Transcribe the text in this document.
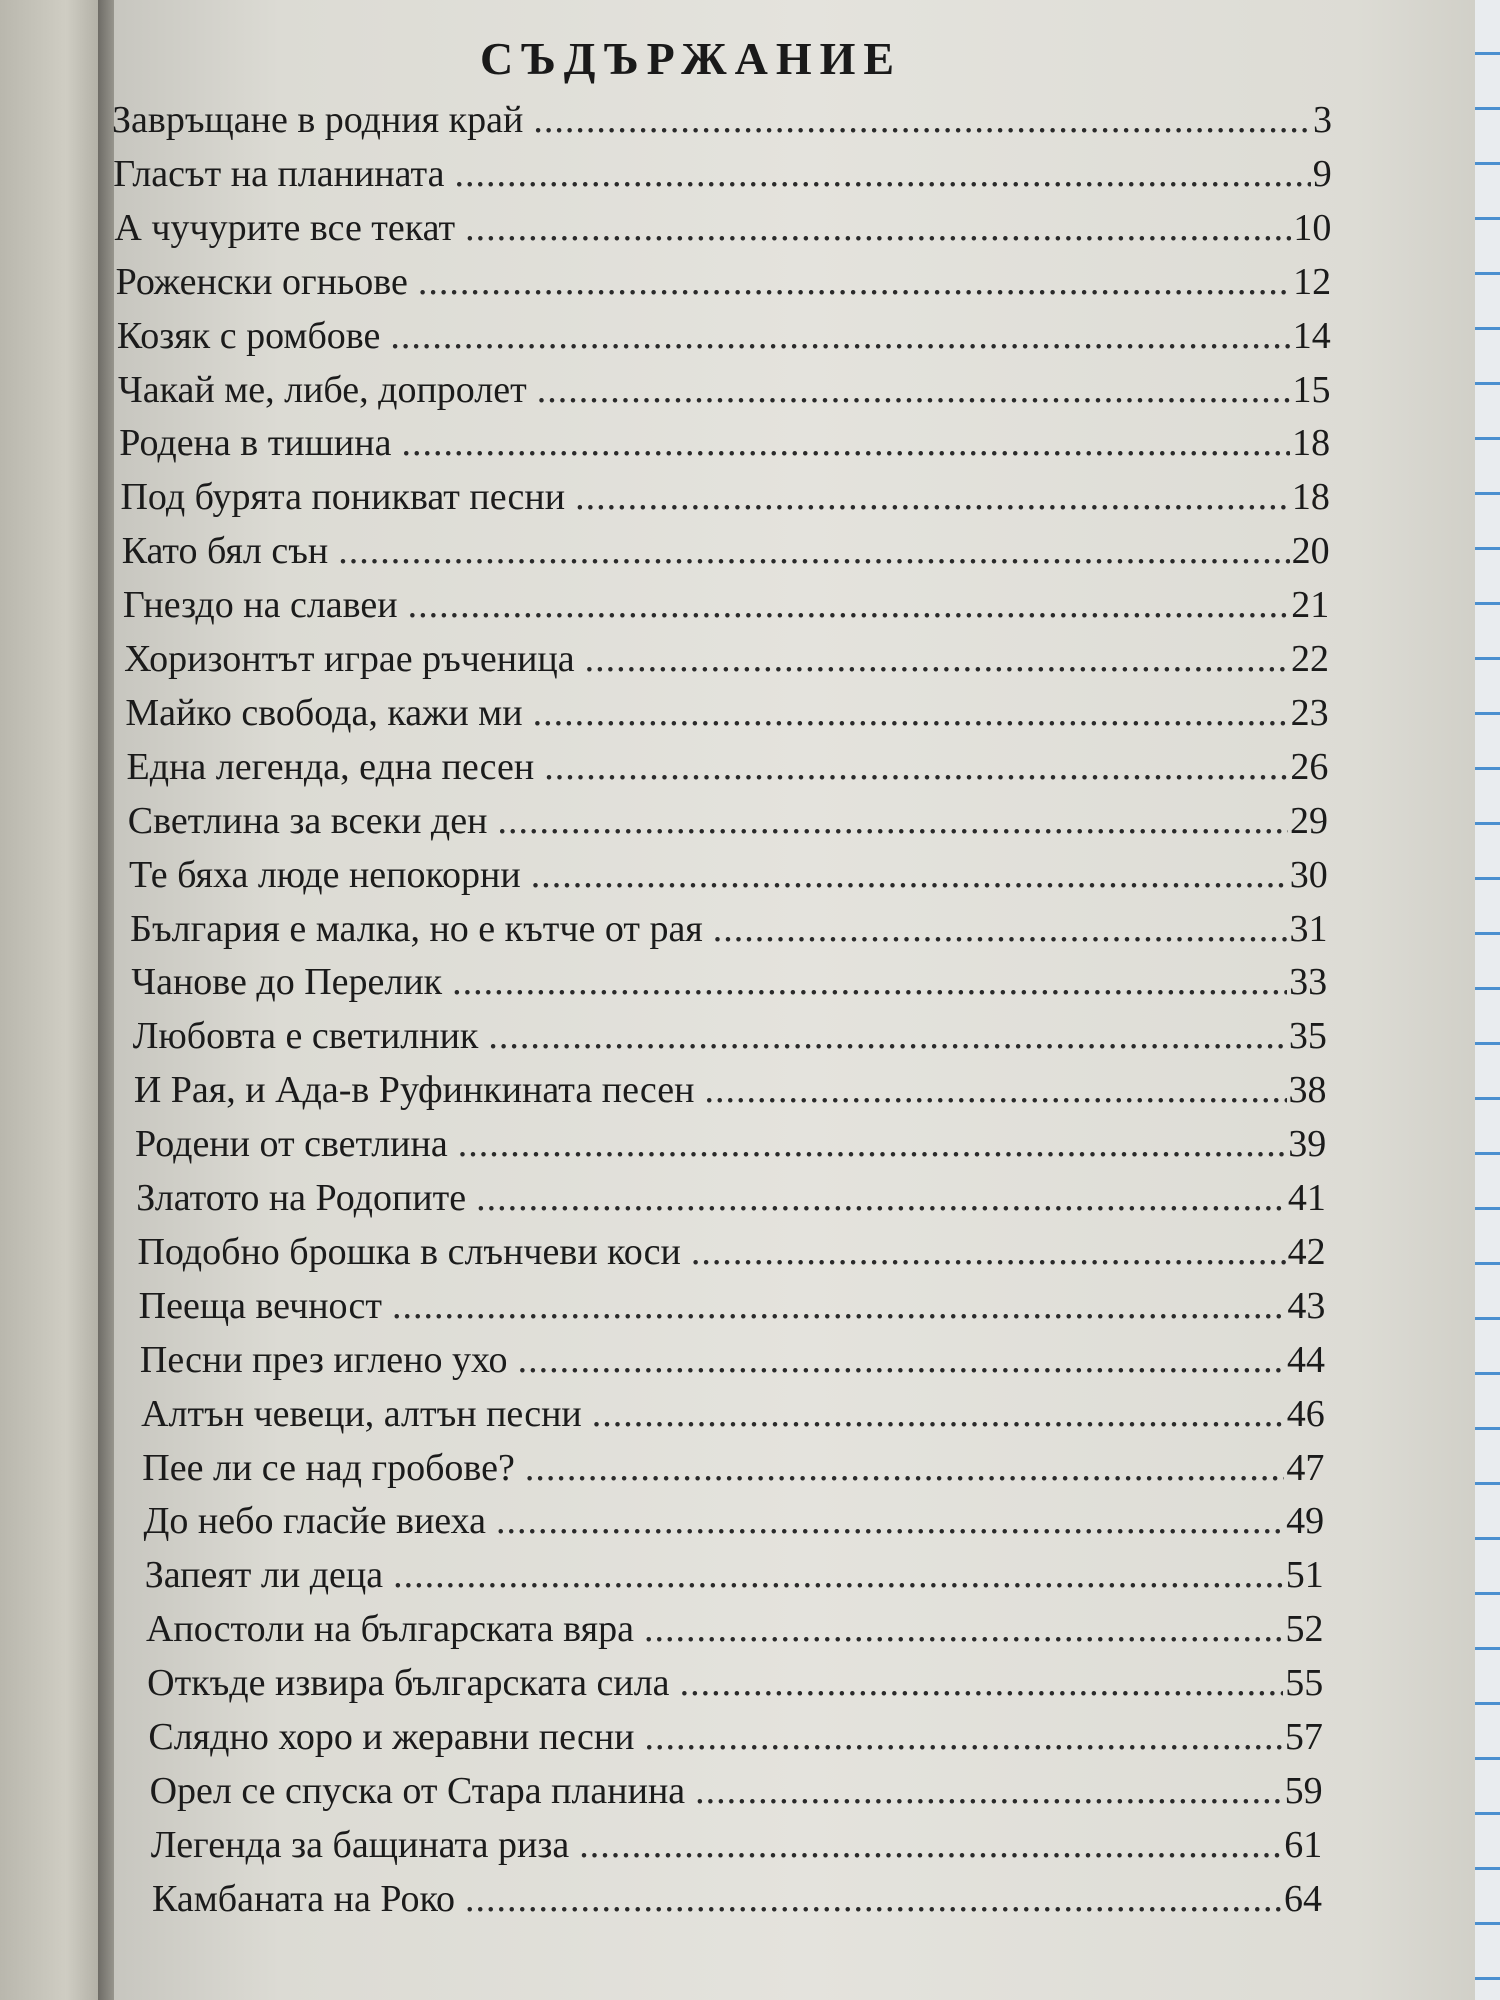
СЪДЪРЖАНИЕ
Завръщане в родния край .....	3
Гласът на планината .....	9
А чучурите все текат .....	10
Роженски огньове .....	12
Козяк с ромбове .....	14
Чакай ме, либе, допролет .....	15
Родена в тишина .....	18
Под бурята поникват песни .....	18
Като бял сън .....	20
Гнездо на славеи .....	21
Хоризонтът играе ръченица .....	22
Майко свобода, кажи ми .....	23
Една легенда, една песен .....	26
Светлина за всеки ден .....	29
Те бяха люде непокорни .....	30
България е малка, но е кътче от рая .....	31
Чанове до Перелик .....	33
Любовта е светилник .....	35
И Рая, и Ада-в Руфинкината песен .....	38
Родени от светлина .....	39
Златото на Родопите .....	41
Подобно брошка в слънчеви коси .....	42
Пееща вечност .....	43
Песни през иглено ухо .....	44
Алтън чевеци, алтън песни .....	46
Пее ли се над гробове? .....	47
До небо гласйе виеха .....	49
Запеят ли деца .....	51
Апостоли на българската вяра .....	52
Откъде извира българската сила .....	55
Слядно хоро и жеравни песни .....	57
Орел се спуска от Стара планина .....	59
Легенда за бащината риза .....	61
Камбаната на Роко .....	64
